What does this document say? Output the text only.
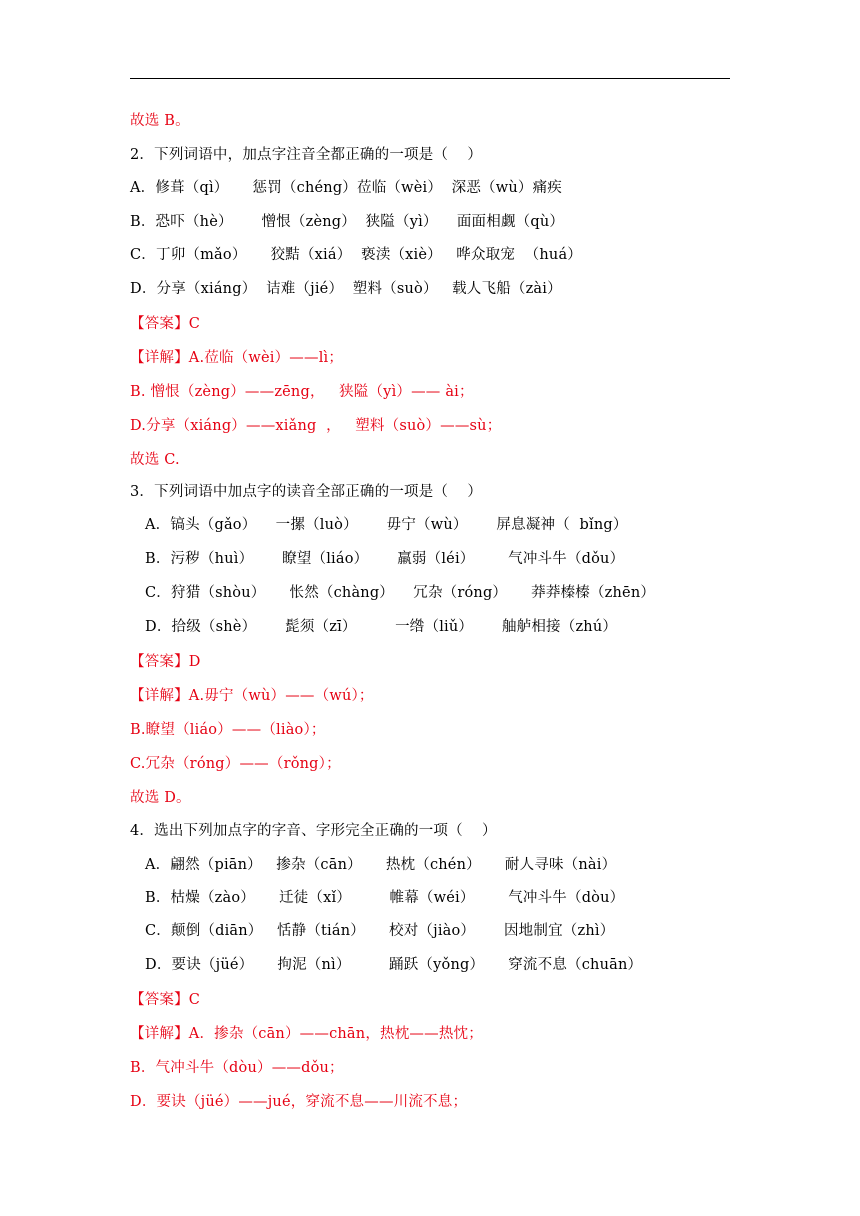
故选 B。
2．下列词语中，加点字注音全都正确的一项是（    ）
A．修葺（qì）     惩罚（chéng）莅临（wèi）  深恶（wù）痛疾
B．恐吓（hè）      憎恨（zèng）  狭隘（yì）    面面相觑（qù）
C．丁卯（mǎo）     狡黠（xiá）  亵渎（xiè）   哗众取宠  （huá）
D．分享（xiáng）  诘难（jié）  塑料（suò）   载人飞船（zài）
【答案】C
【详解】A.莅临（wèi）——lì；
B. 憎恨（zèng）——zēng，   狭隘（yì）—— ài；
D.分享（xiáng）——xiǎng  ，   塑料（suò）——sù；
故选 C.
3．下列词语中加点字的读音全部正确的一项是（    ）
A．镐头（gǎo）    一摞（luò）      毋宁（wù）      屏息凝神（  bǐng）
B．污秽（huì）      瞭望（liáo）      羸弱（léi）       气冲斗牛（dǒu）
C．狩猎（shòu）     怅然（chàng）    冗杂（róng）     莽莽榛榛（zhēn）
D．拾级（shè）      髭须（zī）        一绺（liǔ）      舳舻相接（zhú）
【答案】D
【详解】A.毋宁（wù）——（wú）；
B.瞭望（liáo）——（liào）；
C.冗杂（róng）——（rǒng）；
故选 D。
4．选出下列加点字的字音、字形完全正确的一项（    ）
A．翩然（piān）   掺杂（cān）     热枕（chén）     耐人寻味（nài）
B．枯燥（zào）     迁徒（xǐ）        帷幕（wéi）       气冲斗牛（dòu）
C．颠倒（diān）   恬静（tián）     校对（jiào）      因地制宜（zhì）
D．要诀（jüé）     拘泥（nì）        踊跃（yǒng）     穿流不息（chuān）
【答案】C
【详解】A．掺杂（cān）——chān，热枕——热忱；
B．气冲斗牛（dòu）——dǒu；
D．要诀（jüé）——jué，穿流不息——川流不息；
